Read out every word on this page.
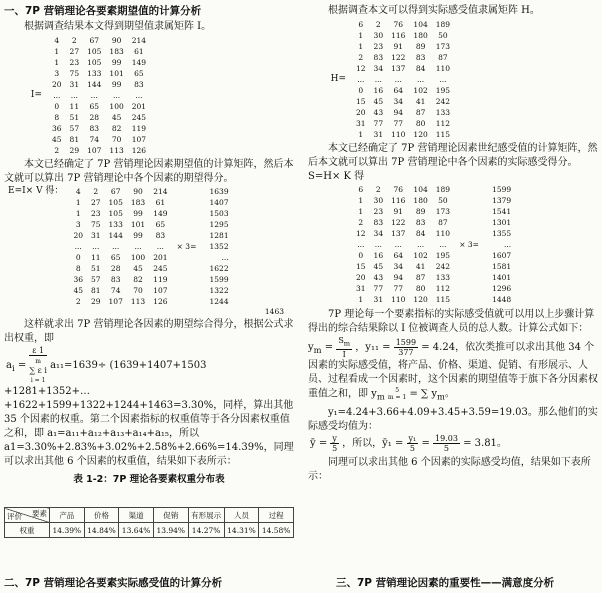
一、7P 营销理论各要素期望值的计算分析

根据调查结果本文得到期望值隶属矩阵 I。

	4	2	67	90	214
	1	27	105	183	61
	1	23	105	99	149
	3	75	133	101	65
	20	31	144	99	83
I=	...	...	...	...	...
	0	11	65	100	201
	8	51	28	45	245
	36	57	83	82	119
	45	81	74	70	107
	2	29	107	113	126

本文已经确定了 7P 营销理论因素期望值的计算矩阵，然后本文就可以算出 7P 营销理论中各个因素的期望得分。

E=I× V 得：	4	2	67	90	214		1639
	1	27	105	183	61		1407
	1	23	105	99	149		1503
	3	75	133	101	65		1295
	20	31	144	99	83		1281
	...	...	...	...	...	× 3=	1352
	0	11	65	100	201		...
	8	51	28	45	245		1622
	36	57	83	82	119		1599
	45	81	74	70	107		1322
	2	29	107	113	126		1244
1463

这样就求出 7P 营销理论各因素的期望综合得分，根据公式求出权重，即

$a_i$ =
ε 1
m
∑ ε i
i = 1
a₁₁=1639÷ (1639+1407+1503

+1281+1352+…+1622+1599+1322+1244+1463=3.30%，同样，算出其他 35 个因素的权重。第二个因素指标的权重值等于各分因素权重值之和，即 a₁=a₁₁+a₁₂+a₁₃+a₁₄+a₁₅，所以 a1=3.30%+2.83%+3.02%+2.58%+2.66%=14.39%，同理可以求出其他 6 个因素的权重值，结果如下表所示：

表 1-2：7P 理论各要素权重分布表
要素
评价	产品	价格	渠道	促销	有形展示	人员	过程
权重	14.39%	14.84%	13.64%	13.94%	14.27%	14.31%	14.58%
二、7P 营销理论各要素实际感受值的计算分析

根据调查本文可以得到实际感受值隶属矩阵 H。

	6	2	76	104	189
	1	30	116	180	50
	1	23	91	89	173
	2	83	122	83	87
	12	34	137	84	110
H=	...	...	...	...	...
	0	16	64	102	195
	15	45	34	41	242
	20	43	94	87	133
	31	77	77	80	112
	1	31	110	120	115

本文已经确定了 7P 营销理论因素世纪感受值的计算矩阵，然后本文就可以算出 7P 营销理论中各个因素的实际感受得分。S=H× K 得

	6	2	76	104	189		1599
	1	30	116	180	50		1379
	1	23	91	89	173		1541
	2	83	122	83	87		1301
	12	34	137	84	110		1355
	...	...	...	...	...	× 3=	...
	0	16	64	102	195		1607
	15	45	34	41	242		1581
	20	43	94	87	133		1401
	31	77	77	80	112		1296
	1	31	110	120	115		1448

7P 理论每一个要素指标的实际感受值就可以用以上步骤计算得出的综合结果除以 I 位被调查人员的总人数。计算公式如下：

$y_m = \frac{S_m}{I}$ ，$y_{11} = \frac{1599}{377} = 4.24$，依次类推可以求出其他 34 个因素的实际感受值，将产品、价格、渠道、促销、有形展示、人员、过程看成一个因素时，这个因素的期望值等于旗下各分因素权重值之和，即 $y_m$
5
m = 1 = ∑ $y_m$。

y₁=4.24+3.66+4.09+3.45+3.59=19.03。那么他们的实际感受均值为：

ȳ = $\frac{y}{5}$ ，所以，ȳ₁ = $\frac{\text{y₁}}{5} = \frac{19.03}{5} = 3.81$。

同理可以求出其他 6 个因素的实际感受均值，结果如下表所示：

三、7P 营销理论因素的重要性——满意度分析
